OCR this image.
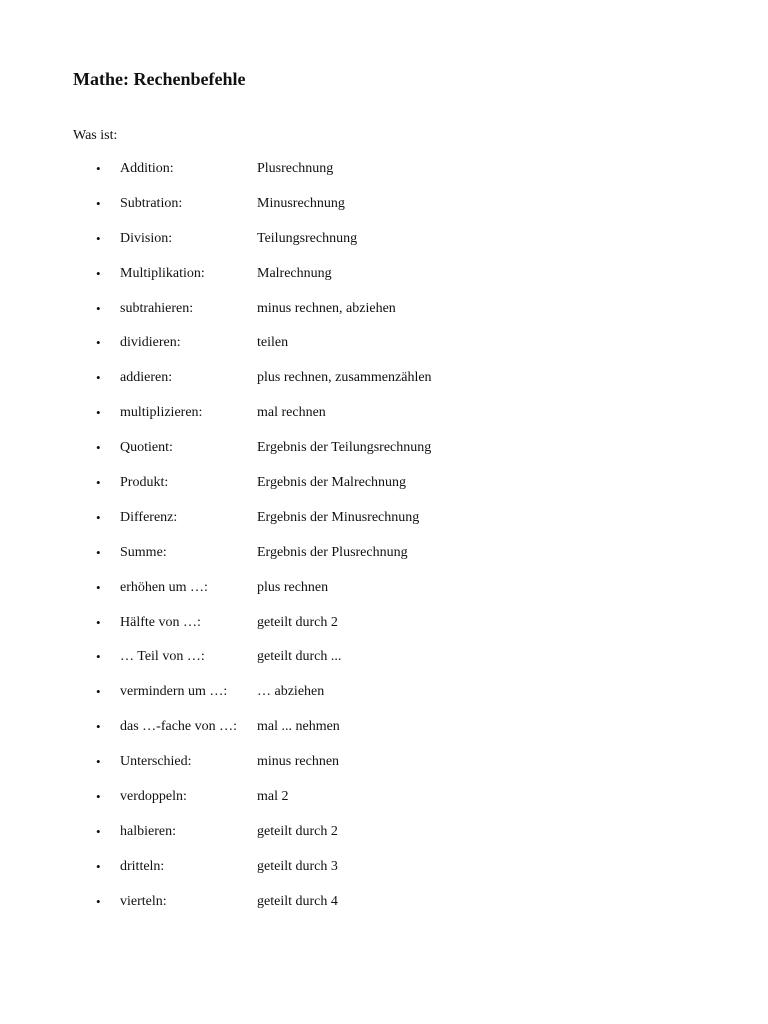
Mathe: Rechenbefehle

Was ist:

• Addition:	Plusrechnung
• Subtration:	Minusrechnung
• Division:	Teilungsrechnung
• Multiplikation:	Malrechnung
• subtrahieren:	minus rechnen, abziehen
• dividieren:	teilen
• addieren:	plus rechnen, zusammenzählen
• multiplizieren:	mal rechnen
• Quotient:	Ergebnis der Teilungsrechnung
• Produkt:	Ergebnis der Malrechnung
• Differenz:	Ergebnis der Minusrechnung
• Summe:	Ergebnis der Plusrechnung
• erhöhen um …:	plus rechnen
• Hälfte von …:	geteilt durch 2
• … Teil von …:	geteilt durch ...
• vermindern um …: … abziehen
• das …-fache von …: mal ... nehmen
• Unterschied:	minus rechnen
• verdoppeln:	mal 2
• halbieren:	geteilt durch 2
• dritteln:	geteilt durch 3
• vierteln:	geteilt durch 4
